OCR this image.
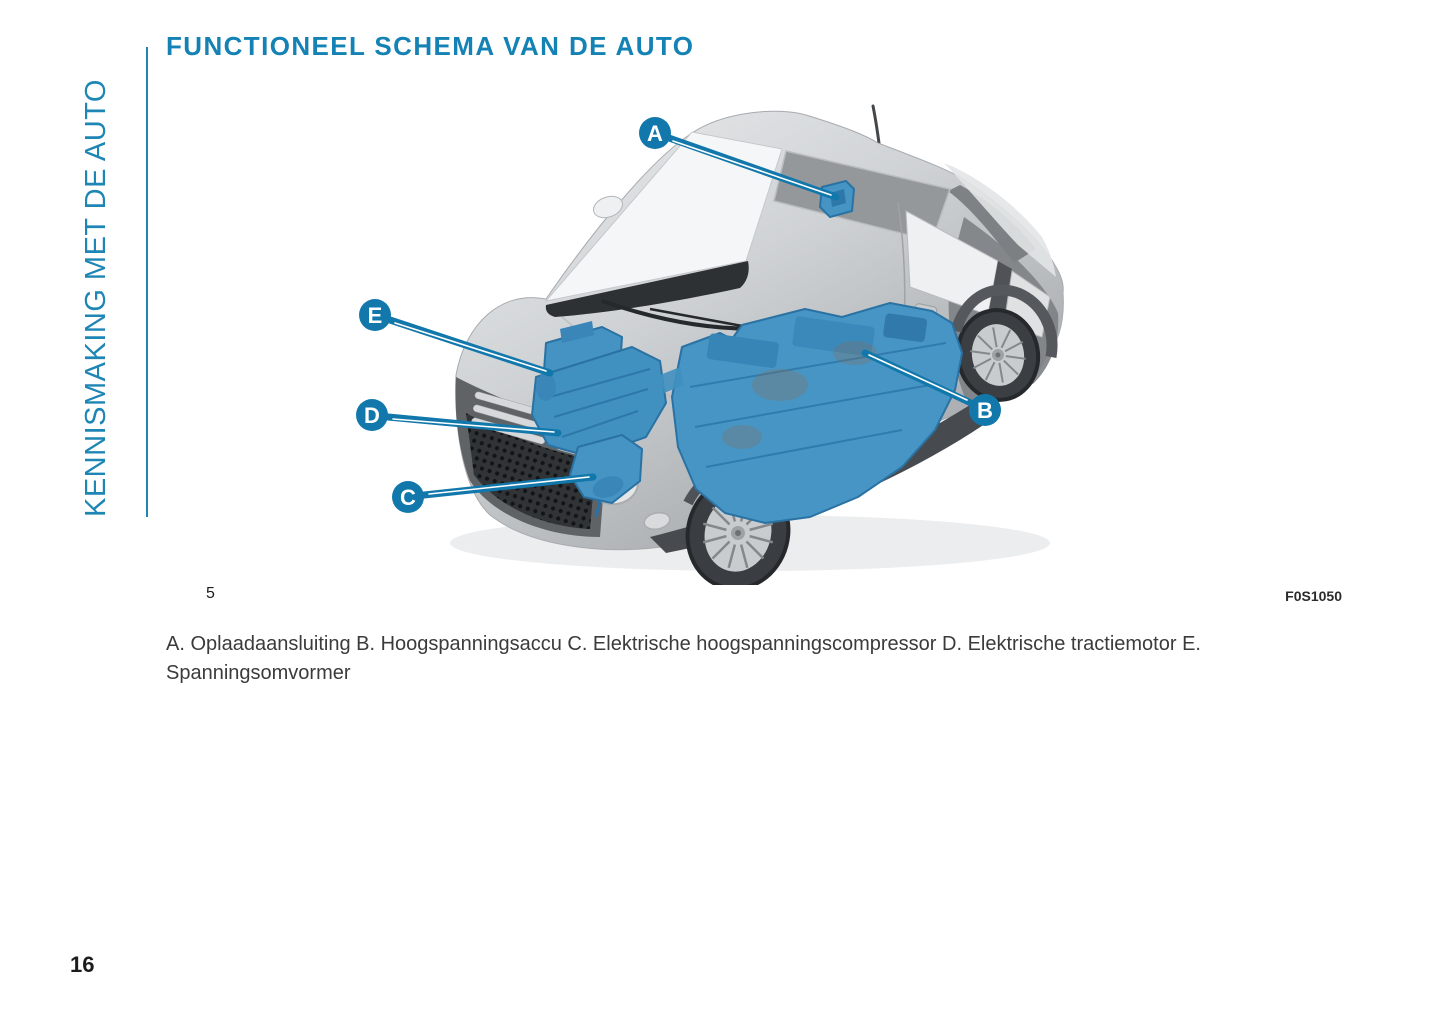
KENNISMAKING MET DE AUTO
FUNCTIONEEL SCHEMA VAN DE AUTO
A
B
C
D
E
5	F0S1050

A. Oplaadaansluiting B. Hoogspanningsaccu C. Elektrische hoogspanningscompressor D. Elektrische tractiemotor E. Spanningsomvormer

16
